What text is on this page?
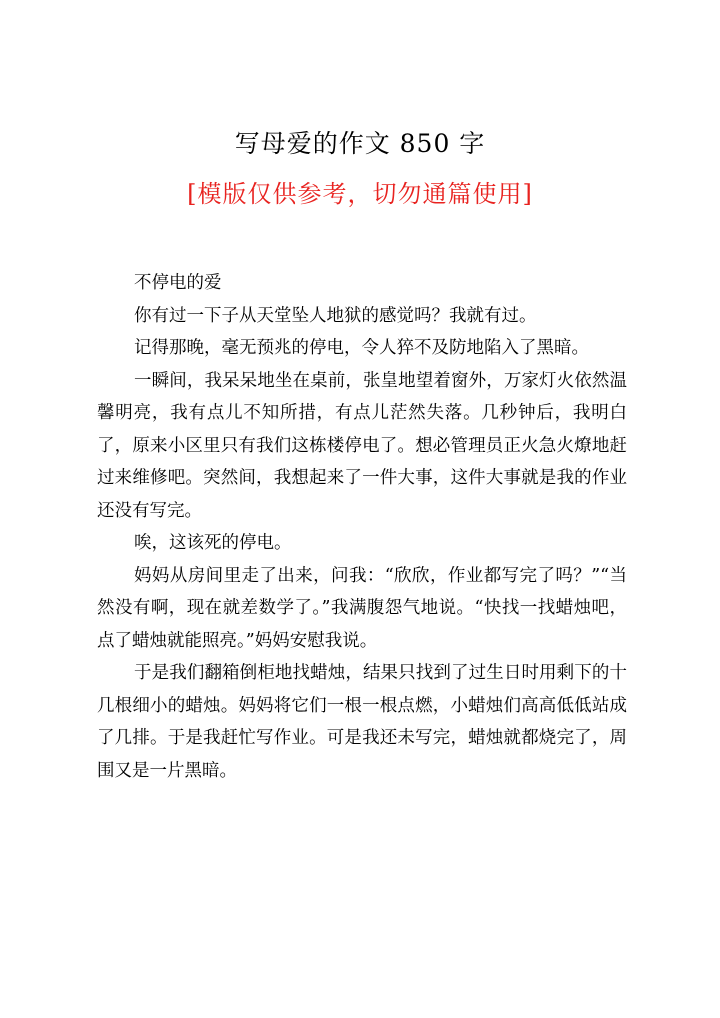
写母爱的作文 850 字
[模版仅供参考，切勿通篇使用]

不停电的爱

你有过一下子从天堂坠人地狱的感觉吗？我就有过。

记得那晚，毫无预兆的停电，令人猝不及防地陷入了黑暗。

一瞬间，我呆呆地坐在桌前，张皇地望着窗外，万家灯火依然温馨明亮，我有点儿不知所措，有点儿茫然失落。几秒钟后，我明白了，原来小区里只有我们这栋楼停电了。想必管理员正火急火燎地赶过来维修吧。突然间，我想起来了一件大事，这件大事就是我的作业还没有写完。

唉，这该死的停电。

妈妈从房间里走了出来，问我：“欣欣，作业都写完了吗？”“当然没有啊，现在就差数学了。”我满腹怨气地说。“快找一找蜡烛吧，点了蜡烛就能照亮。”妈妈安慰我说。

于是我们翻箱倒柜地找蜡烛，结果只找到了过生日时用剩下的十几根细小的蜡烛。妈妈将它们一根一根点燃，小蜡烛们高高低低站成了几排。于是我赶忙写作业。可是我还未写完，蜡烛就都烧完了，周围又是一片黑暗。
